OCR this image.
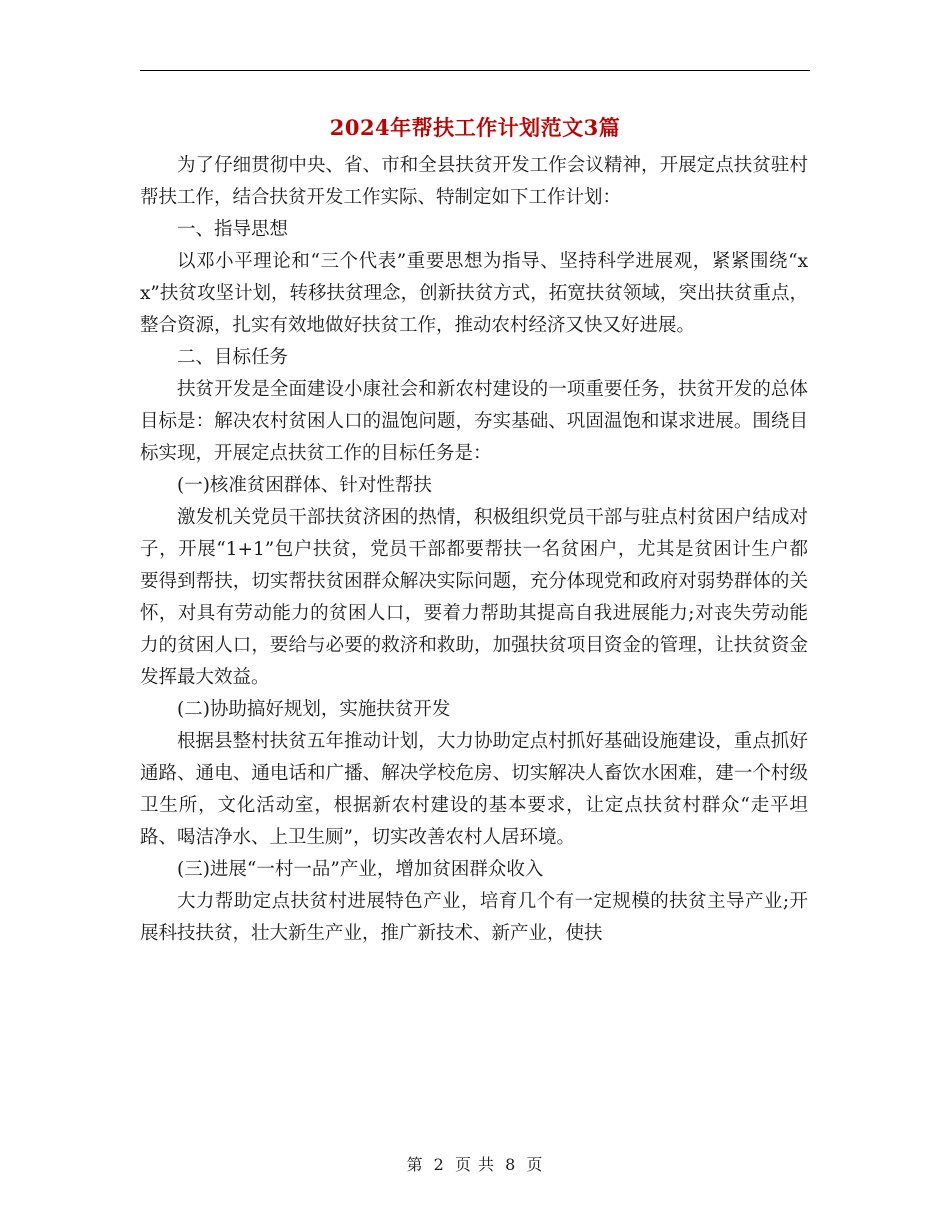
2024年帮扶工作计划范文3篇

为了仔细贯彻中央、省、市和全县扶贫开发工作会议精神，开展定点扶贫驻村帮扶工作，结合扶贫开发工作实际、特制定如下工作计划：

一、指导思想

以邓小平理论和“三个代表”重要思想为指导、坚持科学进展观，紧紧围绕“xx”扶贫攻坚计划，转移扶贫理念，创新扶贫方式，拓宽扶贫领域，突出扶贫重点，整合资源，扎实有效地做好扶贫工作，推动农村经济又快又好进展。

二、目标任务

扶贫开发是全面建设小康社会和新农村建设的一项重要任务，扶贫开发的总体目标是：解决农村贫困人口的温饱问题，夯实基础、巩固温饱和谋求进展。围绕目标实现，开展定点扶贫工作的目标任务是：

(一)核准贫困群体、针对性帮扶

激发机关党员干部扶贫济困的热情，积极组织党员干部与驻点村贫困户结成对子，开展“1+1”包户扶贫，党员干部都要帮扶一名贫困户，尤其是贫困计生户都要得到帮扶，切实帮扶贫困群众解决实际问题，充分体现党和政府对弱势群体的关怀，对具有劳动能力的贫困人口，要着力帮助其提高自我进展能力;对丧失劳动能力的贫困人口，要给与必要的救济和救助，加强扶贫项目资金的管理，让扶贫资金发挥最大效益。

(二)协助搞好规划，实施扶贫开发

根据县整村扶贫五年推动计划，大力协助定点村抓好基础设施建设，重点抓好通路、通电、通电话和广播、解决学校危房、切实解决人畜饮水困难，建一个村级卫生所，文化活动室，根据新农村建设的基本要求，让定点扶贫村群众“走平坦路、喝洁净水、上卫生厕”，切实改善农村人居环境。

(三)进展“一村一品”产业，增加贫困群众收入

大力帮助定点扶贫村进展特色产业，培育几个有一定规模的扶贫主导产业;开展科技扶贫，壮大新生产业，推广新技术、新产业，使扶

第 2 页 共 8 页
